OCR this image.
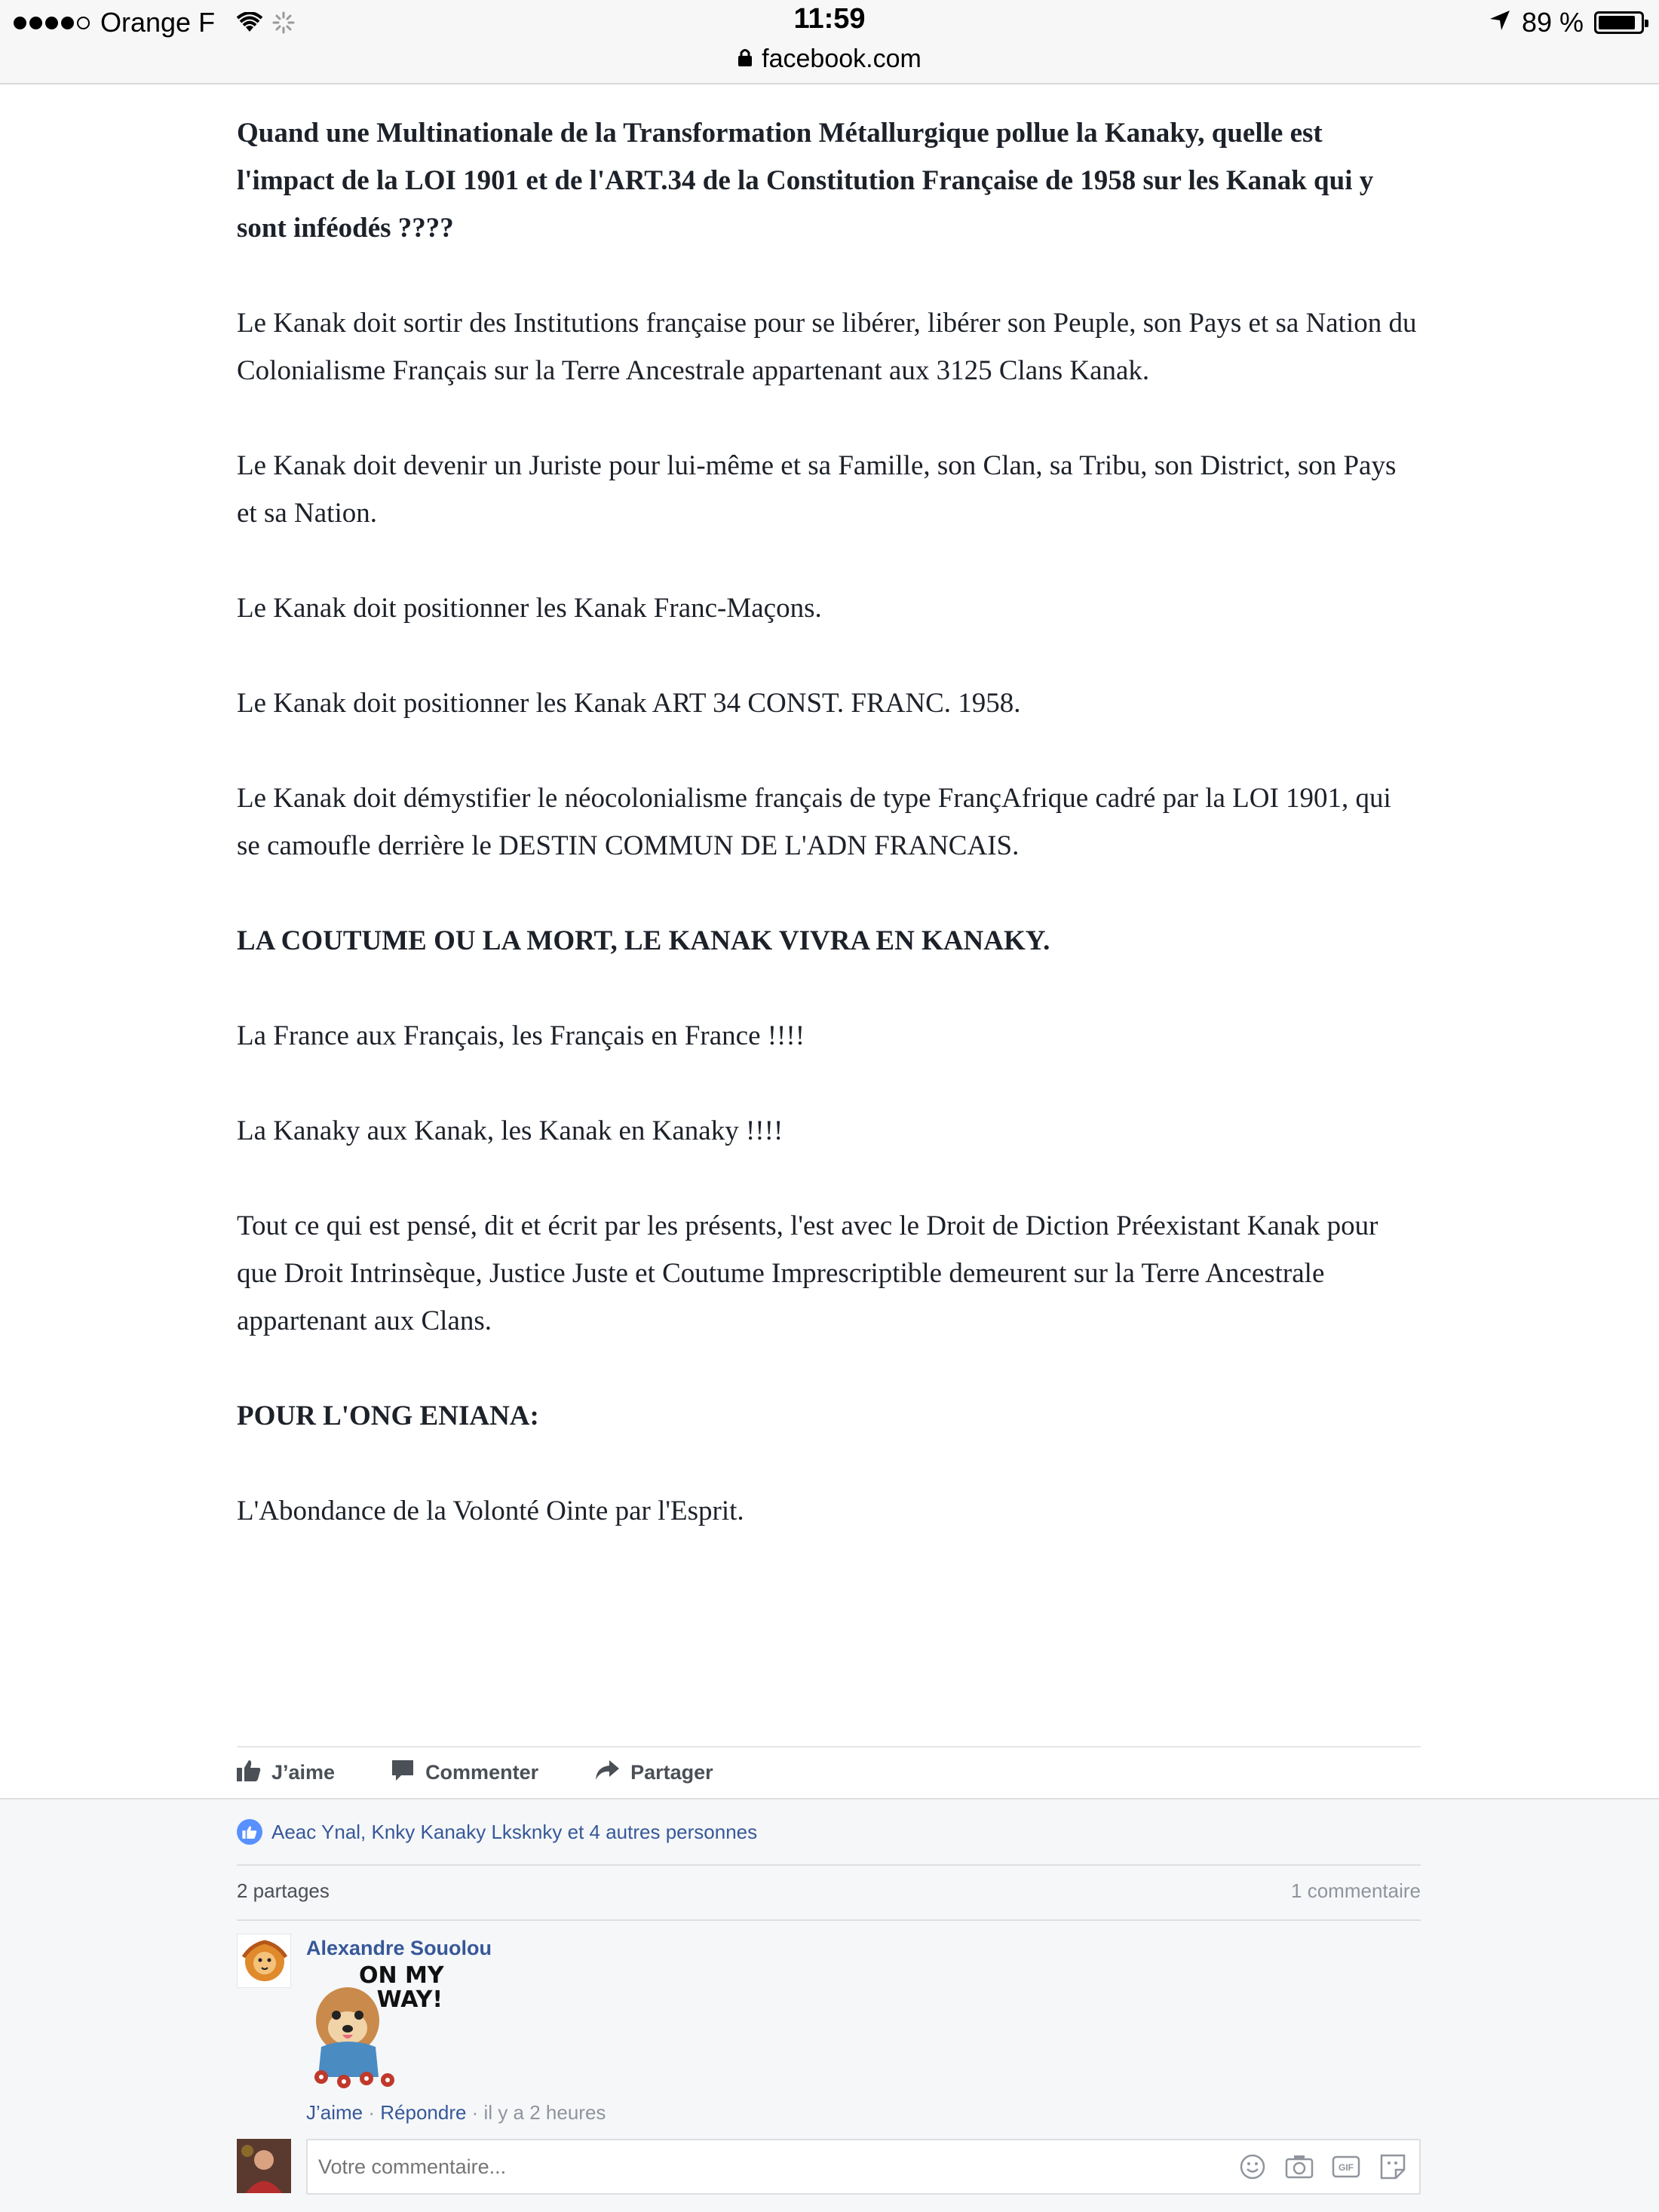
Orange F	11:59	89 %
facebook.com

Quand une Multinationale de la Transformation Métallurgique pollue la Kanaky, quelle est l'impact de la LOI 1901 et de l'ART.34 de la Constitution Française de 1958 sur les Kanak qui y sont inféodés ????

Le Kanak doit sortir des Institutions française pour se libérer, libérer son Peuple, son Pays et sa Nation du Colonialisme Français sur la Terre Ancestrale appartenant aux 3125 Clans Kanak.

Le Kanak doit devenir un Juriste pour lui-même et sa Famille, son Clan, sa Tribu, son District, son Pays et sa Nation.

Le Kanak doit positionner les Kanak Franc-Maçons.

Le Kanak doit positionner les Kanak ART 34 CONST. FRANC. 1958.

Le Kanak doit démystifier le néocolonialisme français de type FrançAfrique cadré par la LOI 1901, qui se camoufle derrière le DESTIN COMMUN DE L'ADN FRANCAIS.

LA COUTUME OU LA MORT, LE KANAK VIVRA EN KANAKY.

La France aux Français, les Français en France !!!!

La Kanaky aux Kanak, les Kanak en Kanaky !!!!

Tout ce qui est pensé, dit et écrit par les présents, l'est avec le Droit de Diction Préexistant Kanak pour que Droit Intrinsèque, Justice Juste et Coutume Imprescriptible demeurent sur la Terre Ancestrale appartenant aux Clans.

POUR L'ONG ENIANA:

L'Abondance de la Volonté Ointe par l'Esprit.

J’aime	Commenter	Partager
Aeac Ynal, Knky Kanaky Lksknky et 4 autres personnes
2 partages	1 commentaire
Alexandre Souolou
ON MY
WAY!
J’aime · Répondre · il y a 2 heures
Votre commentaire...
GIF
